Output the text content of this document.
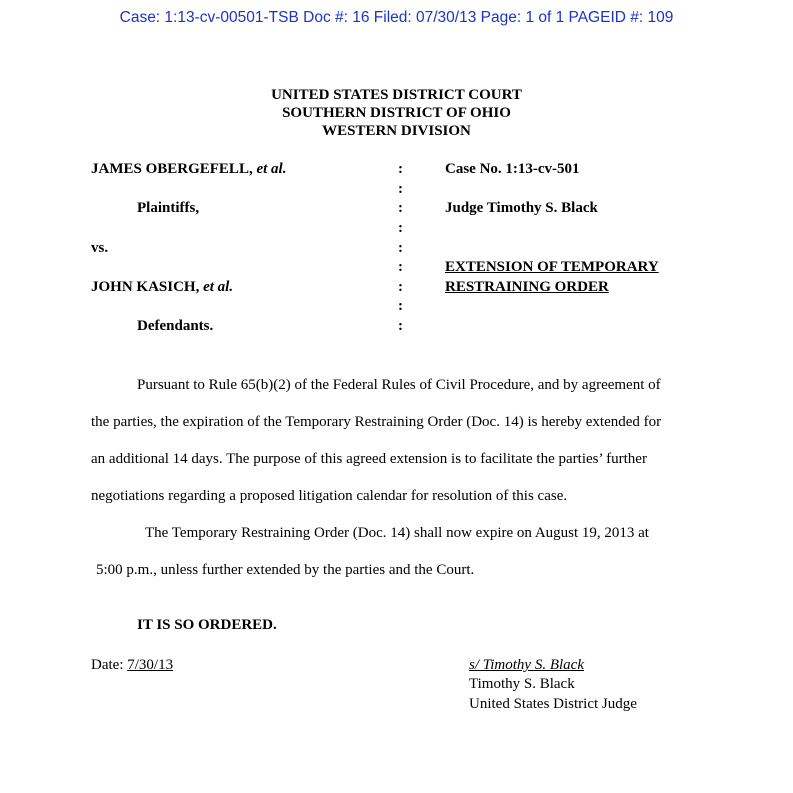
Case: 1:13-cv-00501-TSB Doc #: 16 Filed: 07/30/13 Page: 1 of 1 PAGEID #: 109
UNITED STATES DISTRICT COURT
SOUTHERN DISTRICT OF OHIO
WESTERN DIVISION
JAMES OBERGEFELL, et al.
Plaintiffs,
vs.
JOHN KASICH, et al.
Defendants.
:
:
:
:
:
:
:
:
:
Case No. 1:13-cv-501
Judge Timothy S. Black
EXTENSION OF TEMPORARY
RESTRAINING ORDER
Pursuant to Rule 65(b)(2) of the Federal Rules of Civil Procedure, and by agreement of
the parties, the expiration of the Temporary Restraining Order (Doc. 14) is hereby extended for
an additional 14 days. The purpose of this agreed extension is to facilitate the parties’ further
negotiations regarding a proposed litigation calendar for resolution of this case.
The Temporary Restraining Order (Doc. 14) shall now expire on August 19, 2013 at
5:00 p.m., unless further extended by the parties and the Court.
IT IS SO ORDERED.
Date: 7/30/13	s/ Timothy S. Black
Timothy S. Black
United States District Judge
